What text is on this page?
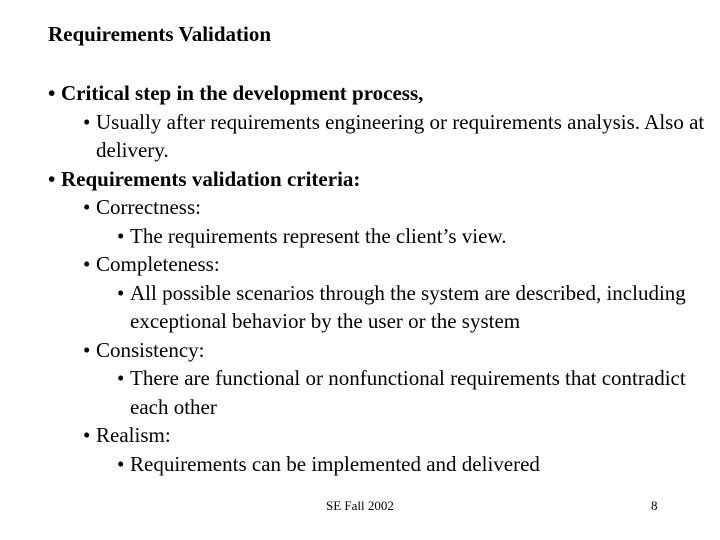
Requirements Validation
• Critical step in the development process,
• Usually after requirements engineering or requirements analysis. Also at delivery.
• Requirements validation criteria:
• Correctness:
• The requirements represent the client’s view.
• Completeness:
• All possible scenarios through the system are described, including exceptional behavior by the user or the system
• Consistency:
• There are functional or nonfunctional requirements that contradict each other
• Realism:
• Requirements can be implemented and delivered
SE Fall 2002	8
